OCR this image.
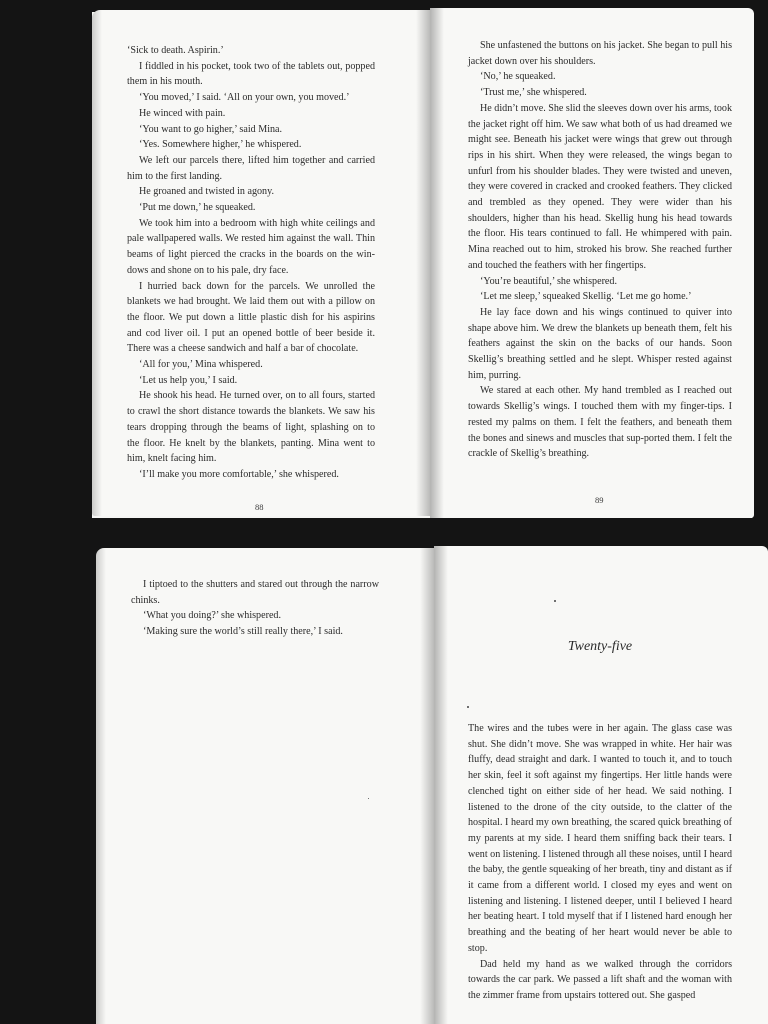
‘Sick to death. Aspirin.’

I fiddled in his pocket, took two of the tablets out, popped them in his mouth.

‘You moved,’ I said. ‘All on your own, you moved.’

He winced with pain.

‘You want to go higher,’ said Mina.

‘Yes. Somewhere higher,’ he whispered.

We left our parcels there, lifted him together and carried him to the first landing.

He groaned and twisted in agony.

‘Put me down,’ he squeaked.

We took him into a bedroom with high white ceilings and pale wallpapered walls. We rested him against the wall. Thin beams of light pierced the cracks in the boards on the win-dows and shone on to his pale, dry face.

I hurried back down for the parcels. We unrolled the blankets we had brought. We laid them out with a pillow on the floor. We put down a little plastic dish for his aspirins and cod liver oil. I put an opened bottle of beer beside it. There was a cheese sandwich and half a bar of chocolate.

‘All for you,’ Mina whispered.

‘Let us help you,’ I said.

He shook his head. He turned over, on to all fours, started to crawl the short distance towards the blankets. We saw his tears dropping through the beams of light, splashing on to the floor. He knelt by the blankets, panting. Mina went to him, knelt facing him.

‘I’ll make you more comfortable,’ she whispered.

88

She unfastened the buttons on his jacket. She began to pull his jacket down over his shoulders.

‘No,’ he squeaked.

‘Trust me,’ she whispered.

He didn’t move. She slid the sleeves down over his arms, took the jacket right off him. We saw what both of us had dreamed we might see. Beneath his jacket were wings that grew out through rips in his shirt. When they were released, the wings began to unfurl from his shoulder blades. They were twisted and uneven, they were covered in cracked and crooked feathers. They clicked and trembled as they opened. They were wider than his shoulders, higher than his head. Skellig hung his head towards the floor. His tears continued to fall. He whimpered with pain. Mina reached out to him, stroked his brow. She reached further and touched the feathers with her fingertips.

‘You’re beautiful,’ she whispered.

‘Let me sleep,’ squeaked Skellig. ‘Let me go home.’

He lay face down and his wings continued to quiver into shape above him. We drew the blankets up beneath them, felt his feathers against the skin on the backs of our hands. Soon Skellig’s breathing settled and he slept. Whisper rested against him, purring.

We stared at each other. My hand trembled as I reached out towards Skellig’s wings. I touched them with my finger-tips. I rested my palms on them. I felt the feathers, and beneath them the bones and sinews and muscles that sup-ported them. I felt the crackle of Skellig’s breathing.

89

I tiptoed to the shutters and stared out through the narrow chinks.

‘What you doing?’ she whispered.

‘Making sure the world’s still really there,’ I said.

Twenty-five

The wires and the tubes were in her again. The glass case was shut. She didn’t move. She was wrapped in white. Her hair was fluffy, dead straight and dark. I wanted to touch it, and to touch her skin, feel it soft against my fingertips. Her little hands were clenched tight on either side of her head. We said nothing. I listened to the drone of the city outside, to the clatter of the hospital. I heard my own breathing, the scared quick breathing of my parents at my side. I heard them sniffing back their tears. I went on listening. I listened through all these noises, until I heard the baby, the gentle squeaking of her breath, tiny and distant as if it came from a different world. I closed my eyes and went on listening and listening. I listened deeper, until I believed I heard her beating heart. I told myself that if I listened hard enough her breathing and the beating of her heart would never be able to stop.

Dad held my hand as we walked through the corridors towards the car park. We passed a lift shaft and the woman with the zimmer frame from upstairs tottered out. She gasped
